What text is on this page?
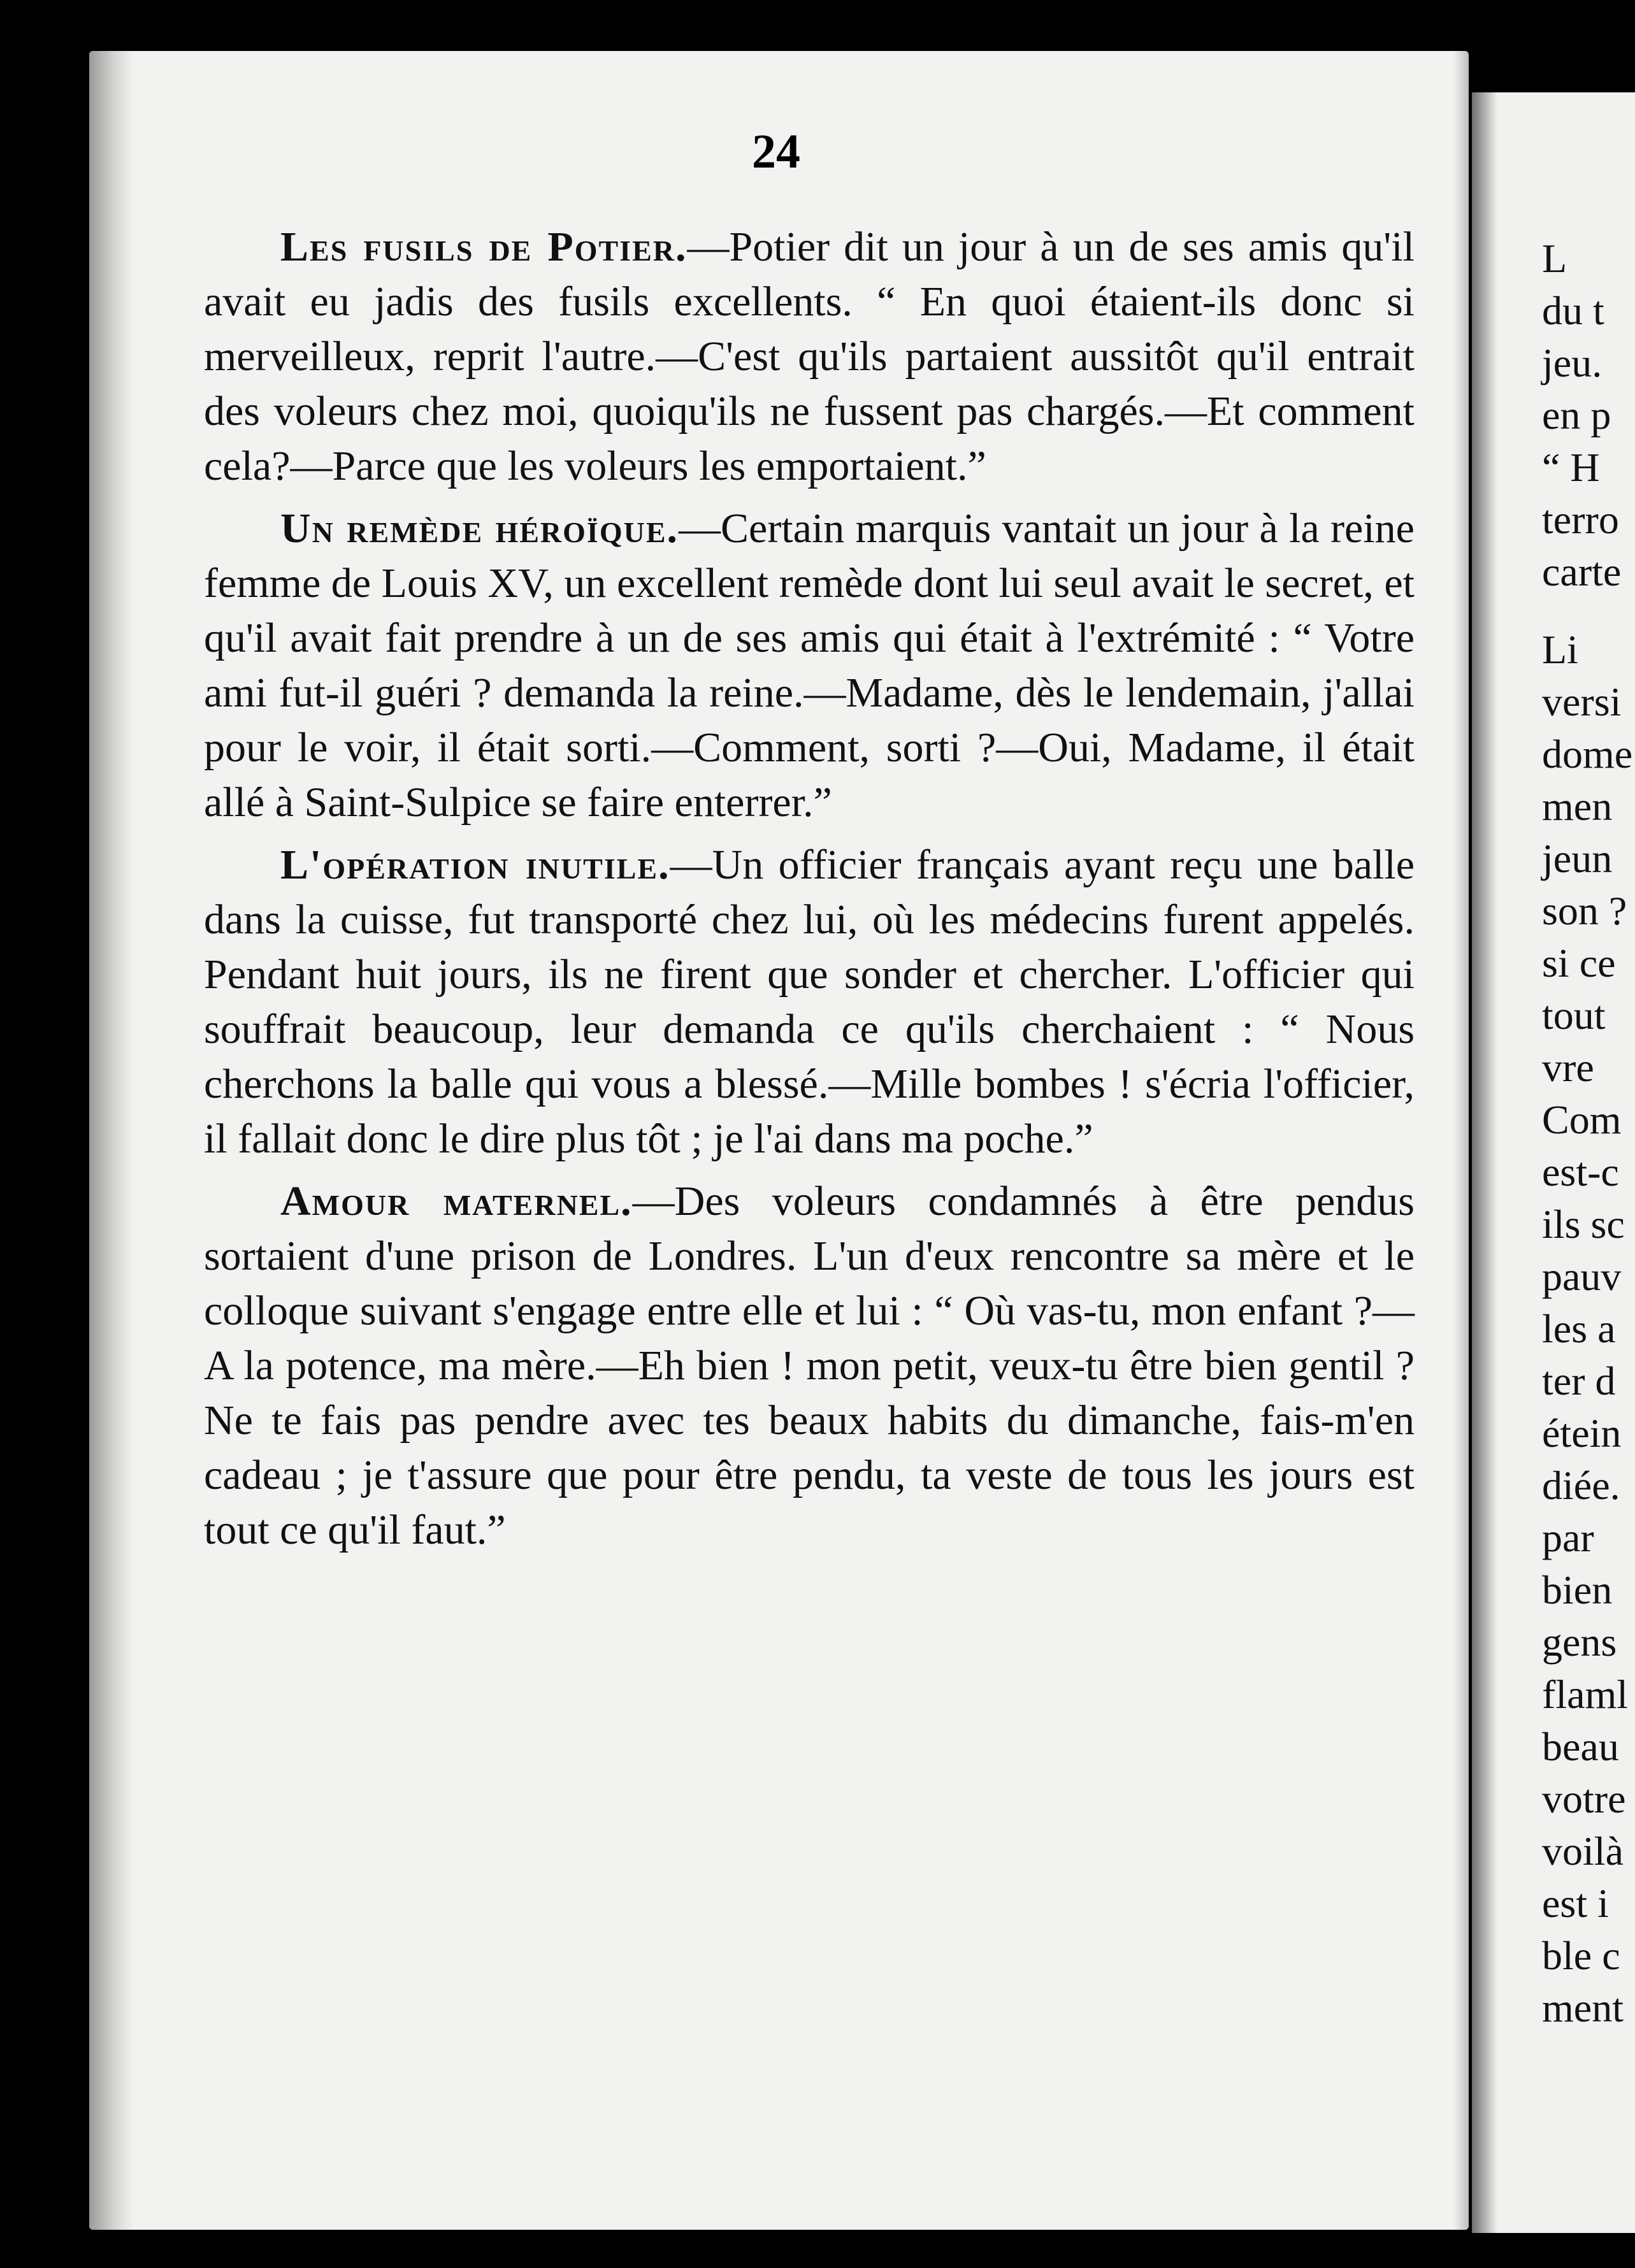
24

Les fusils de Potier.—Potier dit un jour à un de ses amis qu'il avait eu jadis des fusils excellents. “ En quoi étaient-ils donc si merveilleux, reprit l'autre.—C'est qu'ils partaient aussitôt qu'il entrait des voleurs chez moi, quoiqu'ils ne fussent pas chargés.—Et comment cela?—Parce que les voleurs les emportaient.”

Un remède héroïque.—Certain marquis vantait un jour à la reine femme de Louis XV, un excellent remède dont lui seul avait le secret, et qu'il avait fait prendre à un de ses amis qui était à l'extrémité : “ Votre ami fut-il guéri ? demanda la reine.—Madame, dès le lendemain, j'allai pour le voir, il était sorti.—Comment, sorti ?—Oui, Madame, il était allé à Saint-Sulpice se faire enterrer.”

L'opération inutile.—Un officier français ayant reçu une balle dans la cuisse, fut transporté chez lui, où les médecins furent appelés. Pendant huit jours, ils ne firent que sonder et chercher. L'officier qui souffrait beaucoup, leur demanda ce qu'ils cherchaient : “ Nous cherchons la balle qui vous a blessé.—Mille bombes ! s'écria l'officier, il fallait donc le dire plus tôt ; je l'ai dans ma poche.”

Amour maternel.—Des voleurs condamnés à être pendus sortaient d'une prison de Londres. L'un d'eux rencontre sa mère et le colloque suivant s'engage entre elle et lui : “ Où vas-tu, mon enfant ?—A la potence, ma mère.—Eh bien ! mon petit, veux-tu être bien gentil ? Ne te fais pas pendre avec tes beaux habits du dimanche, fais-m'en cadeau ; je t'assure que pour être pendu, ta veste de tous les jours est tout ce qu'il faut.”

L
du t
jeu.
en p
“ H
terro
carte
Li
versi
dome
men
jeun
son ?
si ce
tout
vre
Com
est-c
ils sc
pauv
les a
ter d
étein
diée.
par
bien
gens
flaml
beau
votre
voilà
est i
ble c
ment
